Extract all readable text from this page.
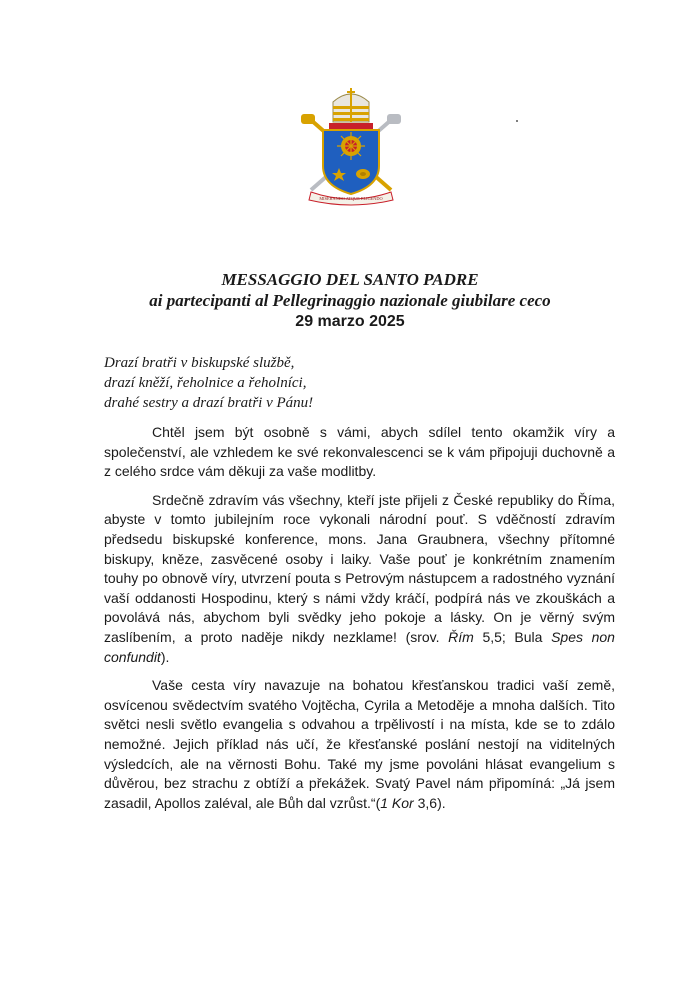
MISERANDO ATQUE ELIGENDO
MESSAGGIO DEL SANTO PADRE
ai partecipanti al Pellegrinaggio nazionale giubilare ceco
29 marzo 2025
Drazí bratři v biskupské službě,
drazí kněží, řeholnice a řeholníci,
drahé sestry a drazí bratři v Pánu!

Chtěl jsem být osobně s vámi, abych sdílel tento okamžik víry a společenství, ale vzhledem ke své rekonvalescenci se k vám připojuji duchovně a z celého srdce vám děkuji za vaše modlitby.

Srdečně zdravím vás všechny, kteří jste přijeli z České republiky do Říma, abyste v tomto jubilejním roce vykonali národní pouť. S vděčností zdravím předsedu biskupské konference, mons. Jana Graubnera, všechny přítomné biskupy, kněze, zasvěcené osoby i laiky. Vaše pouť je konkrétním znamením touhy po obnově víry, utvrzení pouta s Petrovým nástupcem a radostného vyznání vaší oddanosti Hospodinu, který s námi vždy kráčí, podpírá nás ve zkouškách a povolává nás, abychom byli svědky jeho pokoje a lásky. On je věrný svým zaslíbením, a proto naděje nikdy nezklame! (srov. Řím 5,5; Bula Spes non confundit).

Vaše cesta víry navazuje na bohatou křesťanskou tradici vaší země, osvícenou svědectvím svatého Vojtěcha, Cyrila a Metoděje a mnoha dalších. Tito světci nesli světlo evangelia s odvahou a trpělivostí i na místa, kde se to zdálo nemožné. Jejich příklad nás učí, že křesťanské poslání nestojí na viditelných výsledcích, ale na věrnosti Bohu. Také my jsme povoláni hlásat evangelium s důvěrou, bez strachu z obtíží a překážek. Svatý Pavel nám připomíná: „Já jsem zasadil, Apollos zaléval, ale Bůh dal vzrůst.“(1 Kor 3,6).
